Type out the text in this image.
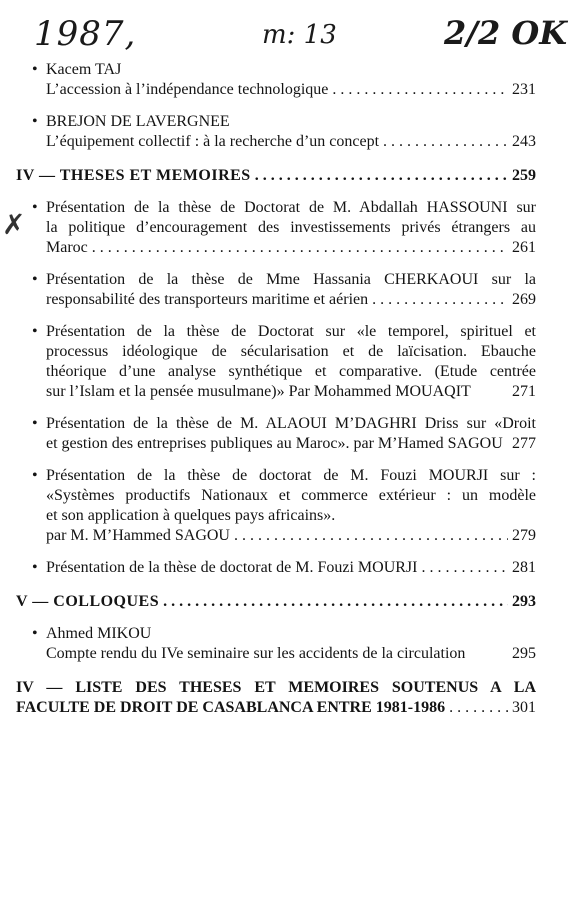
1987,	m: 13	2/2 OK
✗
• Kacem TAJ
L’accession à l’indépendance technologique . . .	231
• BREJON DE LAVERGNEE
L’équipement collectif : à la recherche d’un concept . . .	243
IV — THESES ET MEMOIRES . . .	259
• Présentation de la thèse de Doctorat de M. Abdallah HASSOUNI sur
la politique d’encouragement des investissements privés étrangers au
Maroc . . .	261
• Présentation de la thèse de Mme Hassania CHERKAOUI sur la
responsabilité des transporteurs maritime et aérien . . .	269
• Présentation de la thèse de Doctorat sur «le temporel, spirituel et
processus idéologique de sécularisation et de laïcisation. Ebauche
théorique d’une analyse synthétique et comparative. (Etude centrée
sur l’Islam et la pensée musulmane)» Par Mohammed MOUAQIT	271
• Présentation de la thèse de M. ALAOUI M’DAGHRI Driss sur «Droit
et gestion des entreprises publiques au Maroc». par M’Hamed SAGOU 277
• Présentation de la thèse de doctorat de M. Fouzi MOURJI sur :
«Systèmes productifs Nationaux et commerce extérieur : un modèle
et son application à quelques pays africains».
par M. M’Hammed SAGOU . . .	279
• Présentation de la thèse de doctorat de M. Fouzi MOURJI . . .	281
V — COLLOQUES . . .	293
• Ahmed MIKOU
Compte rendu du IVe seminaire sur les accidents de la circulation	295
IV — LISTE DES THESES ET MEMOIRES SOUTENUS A LA
FACULTE DE DROIT DE CASABLANCA ENTRE 1981-1986 . . .	301
